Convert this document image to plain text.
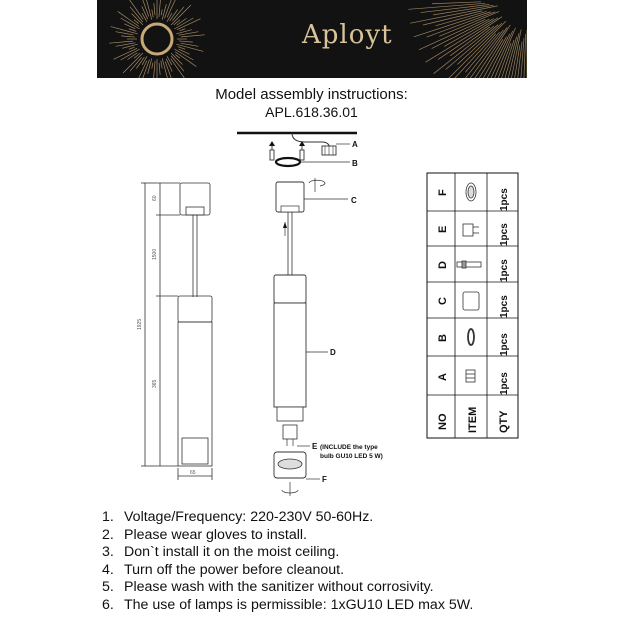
Aployt
Model assembly instructions:
APL.618.36.01
60
1500
365
1925
65
A
B
C
D
E (INCLUDE the type
bulb GU10 LED 5 W)
F
NO ITEM QTY
F	1pcs
E	1pcs
D	1pcs
C	1pcs
B	1pcs
A	1pcs
1. Voltage/Frequency: 220-230V 50-60Hz.
2. Please wear gloves to install.
3. Don`t install it on the moist ceiling.
4. Turn off the power before cleanout.
5. Please wash with the sanitizer without corrosivity.
6. The use of lamps is permissible: 1xGU10 LED max 5W.
